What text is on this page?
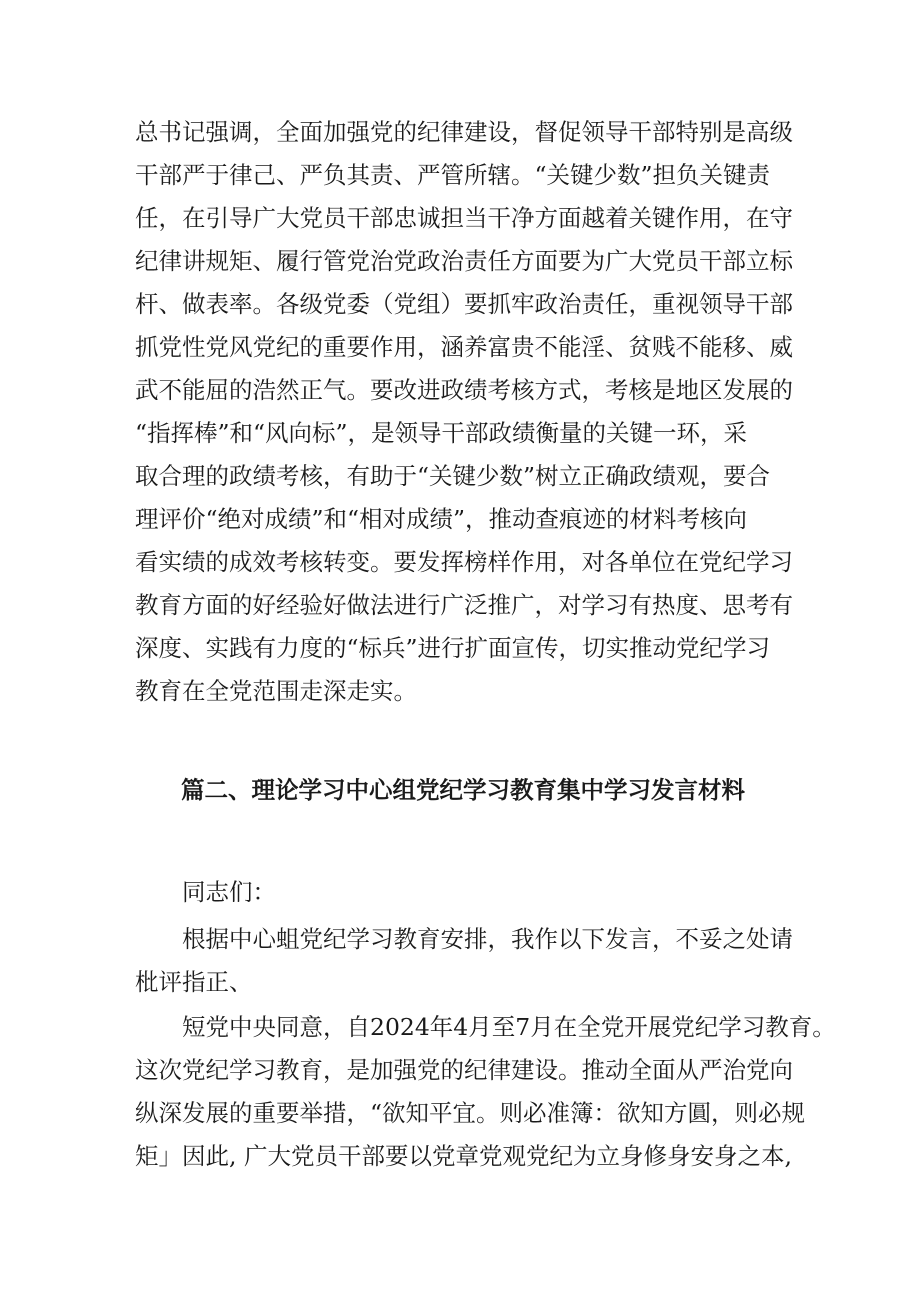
总书记强调，全面加强党的纪律建设，督促领导干部特别是高级
干部严于律己、严负其责、严管所辖。“关键少数”担负关键责
任，在引导广大党员干部忠诚担当干净方面越着关键作用，在守
纪律讲规矩、履行管党治党政治责任方面要为广大党员干部立标
杆、做表率。各级党委（党组）要抓牢政治责任，重视领导干部
抓党性党风党纪的重要作用，涵养富贵不能淫、贫贱不能移、威
武不能屈的浩然正气。要改进政绩考核方式，考核是地区发展的
“指挥棒”和“风向标”，是领导干部政绩衡量的关键一环，采
取合理的政绩考核，有助于“关键少数”树立正确政绩观，要合
理评价“绝对成绩”和“相对成绩”，推动查痕迹的材料考核向
看实绩的成效考核转变。要发挥榜样作用，对各单位在党纪学习
教育方面的好经验好做法进行广泛推广，对学习有热度、思考有
深度、实践有力度的“标兵”进行扩面宣传，切实推动党纪学习
教育在全党范围走深走实。
篇二、理论学习中心组党纪学习教育集中学习发言材料
同志们：
根据中心蛆党纪学习教育安排，我作以下发言，不妥之处请
枇评指正、
短党中央同意，自2024年4月至7月在全党开展党纪学习教育。
这次党纪学习教育，是加强党的纪律建设。推动全面从严治党向
纵深发展的重要举措，“欲知平宜。则必准簿：欲知方圓，则必规
矩」因此, 广大党员干部要以党章党观党纪为立身修身安身之本,
